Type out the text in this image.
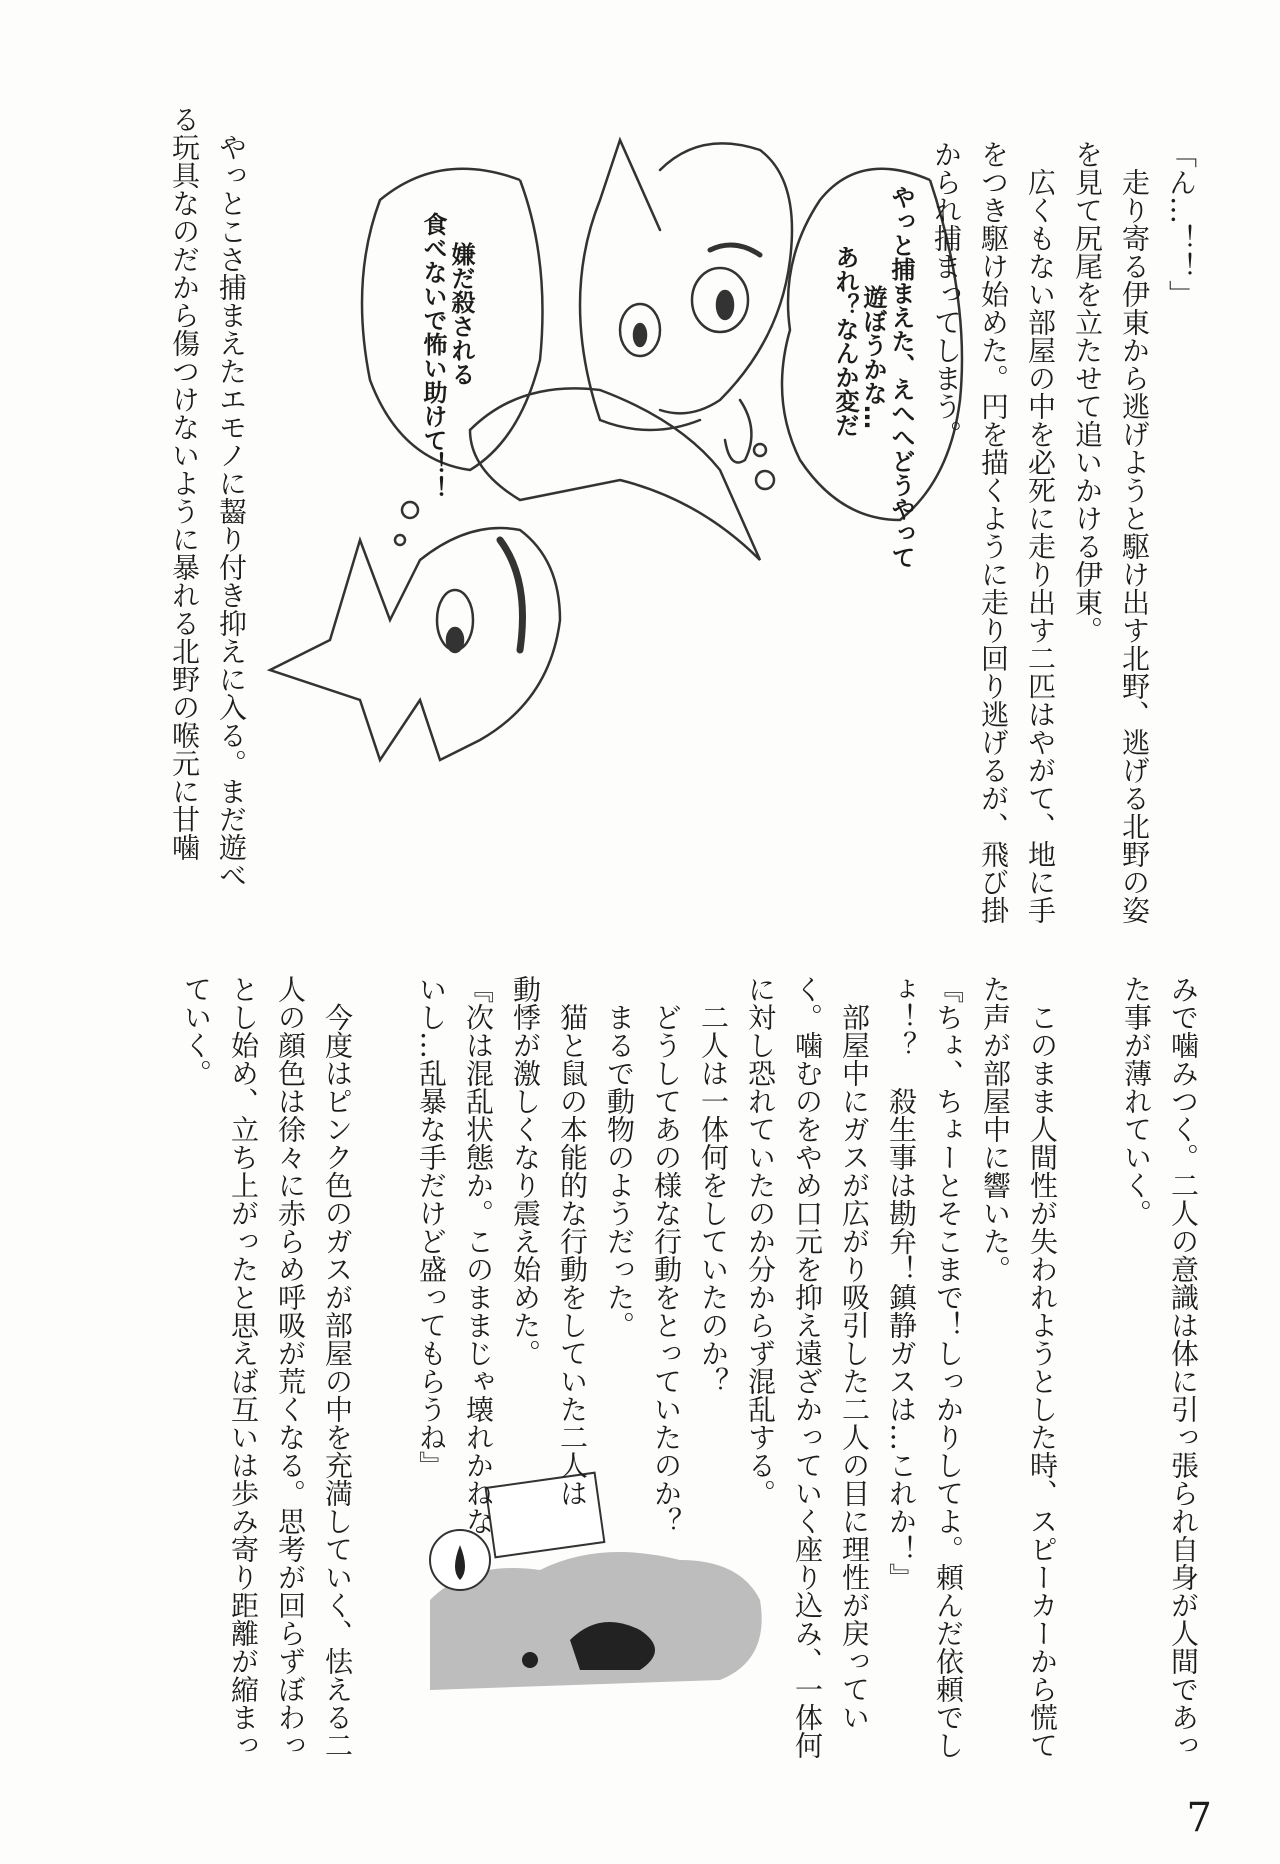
「ん…！！」
　走り寄る伊東から逃げようと駆け出す北野、逃げる北野の姿
を見て尻尾を立たせて追いかける伊東。
　広くもない部屋の中を必死に走り出す二匹はやがて、地に手
をつき駆け始めた。円を描くように走り回り逃げるが、飛び掛
かられ捕まってしまう。
　やっとこさ捕まえたエモノに齧り付き抑えに入る。まだ遊べ
る玩具なのだから傷つけないように暴れる北野の喉元に甘噛	やっと捕まえた、えへへどうやって
遊ぼうかな…
あれ？なんか変だ
嫌だ殺される
食べないで怖い助けて！！
みで噛みつく。二人の意識は体に引っ張られ自身が人間であっ
た事が薄れていく。
　このまま人間性が失われようとした時、スピーカーから慌て
た声が部屋中に響いた。
『ちょ、ちょーとそこまで！しっかりしてよ。頼んだ依頼でし
ょ！？　殺生事は勘弁！鎮静ガスは…これか！』
　部屋中にガスが広がり吸引した二人の目に理性が戻ってい
く。噛むのをやめ口元を抑え遠ざかっていく座り込み、一体何
に対し恐れていたのか分からず混乱する。
　二人は一体何をしていたのか？
　どうしてあの様な行動をとっていたのか？
　まるで動物のようだった。
　猫と鼠の本能的な行動をしていた二人は
動悸が激しくなり震え始めた。
『次は混乱状態か。このままじゃ壊れかねな
いし…乱暴な手だけど盛ってもらうね』
　今度はピンク色のガスが部屋の中を充満していく、怯える二
人の顔色は徐々に赤らめ呼吸が荒くなる。思考が回らずぼわっ
とし始め、立ち上がったと思えば互いは歩み寄り距離が縮まっ
ていく。
7
